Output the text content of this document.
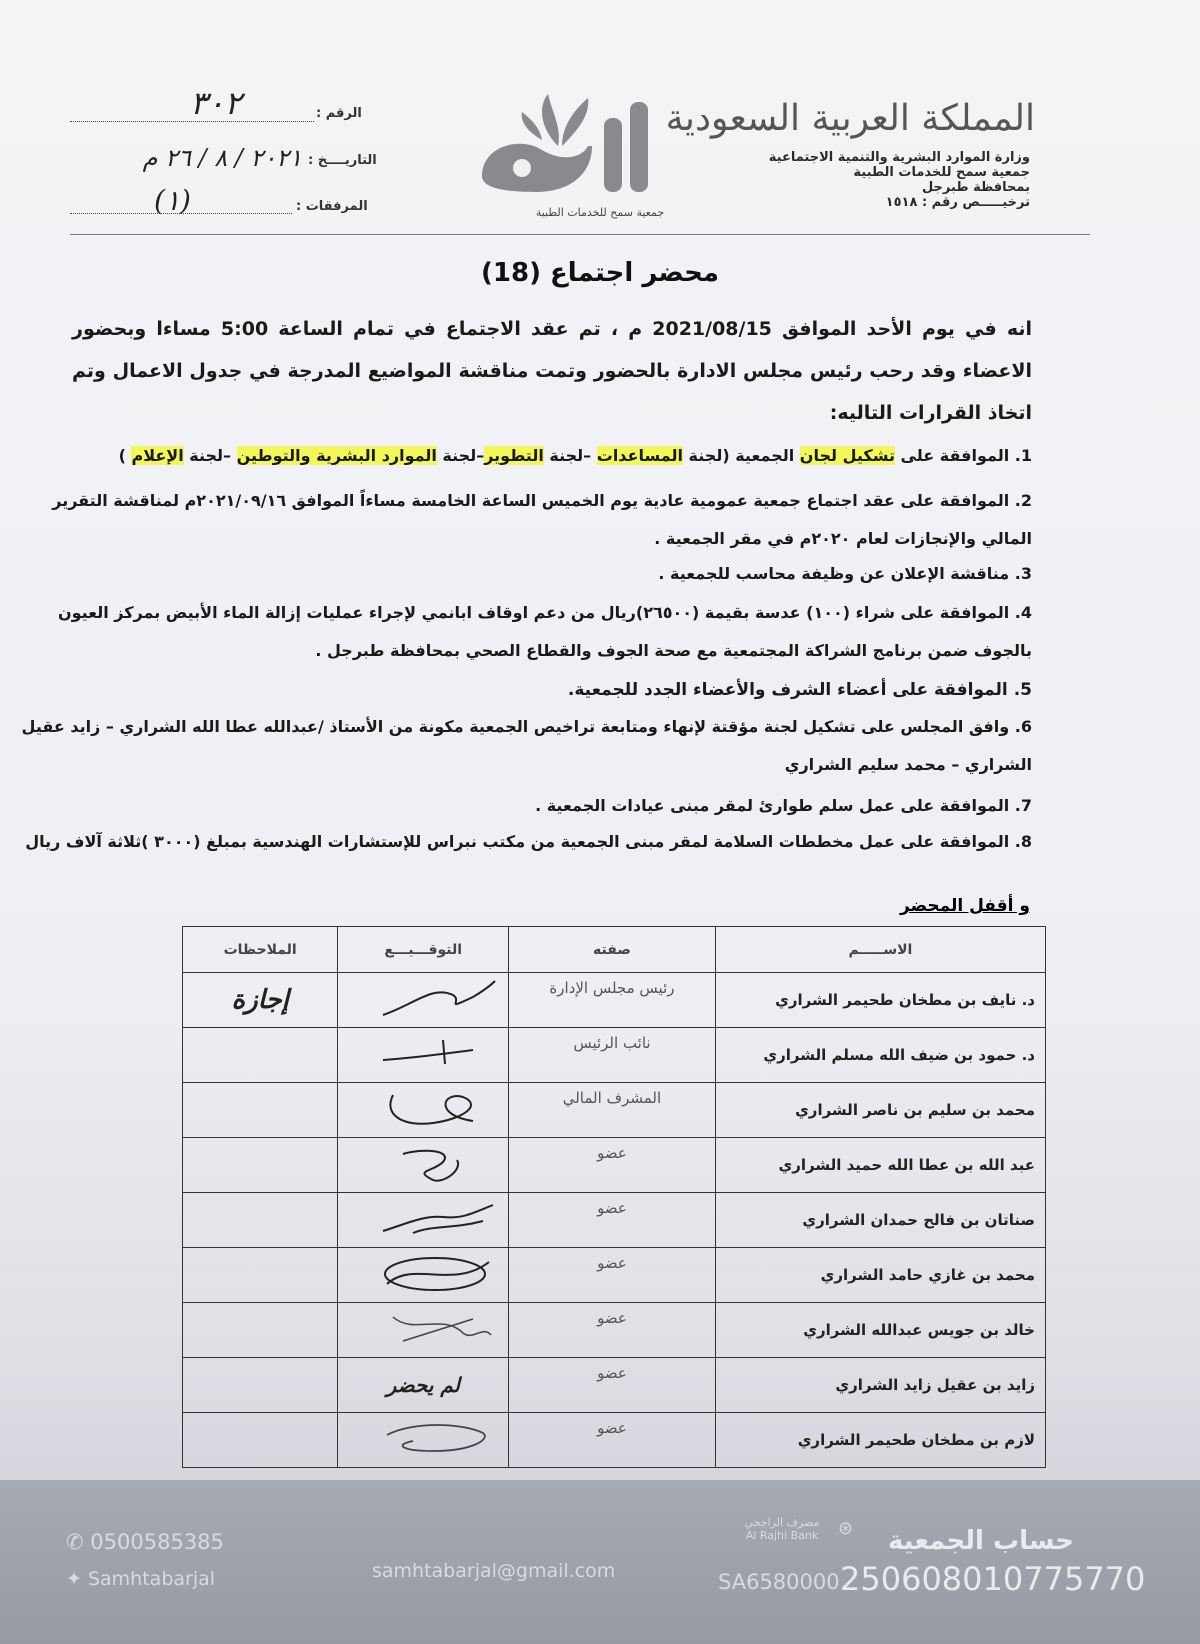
المملكة العربية السعودية
وزارة الموارد البشرية والتنمية الاجتماعية
جمعية سمح للخدمات الطبية
بمحافظة طبرجل
ترخيـــــص رقم : ١٥١٨
جمعية سمح للخدمات الطبية
الرقم :
٣٠٢
التاريــــخ :
٢٠٢١ / ٨ / ٢٦ م
المرفقات :
(١)
محضر اجتماع (18)
انه في يوم الأحد الموافق 2021/08/15 م ، تم عقد الاجتماع في تمام الساعة 5:00 مساءا وبحضور الاعضاء وقد رحب رئيس مجلس الادارة بالحضور وتمت مناقشة المواضيع المدرجة في جدول الاعمال وتم اتخاذ القرارات التاليه:
1. الموافقة على تشكيل لجان الجمعية (لجنة المساعدات –لجنة التطوير–لجنة الموارد البشرية والتوطين –لجنة الإعلام )
2. الموافقة على عقد اجتماع جمعية عمومية عادية يوم الخميس الساعة الخامسة مساءاً الموافق ٢٠٢١/٠٩/١٦م لمناقشة التقرير المالي والإنجازات لعام ٢٠٢٠م في مقر الجمعية .
3. مناقشة الإعلان عن وظيفة محاسب للجمعية .
4. الموافقة على شراء (١٠٠) عدسة بقيمة (٢٦٥٠٠)ريال من دعم اوقاف ابانمي لإجراء عمليات إزالة الماء الأبيض بمركز العيون بالجوف ضمن برنامج الشراكة المجتمعية مع صحة الجوف والقطاع الصحي بمحافظة طبرجل .
5. الموافقة على أعضاء الشرف والأعضاء الجدد للجمعية.
6. وافق المجلس على تشكيل لجنة مؤقتة لإنهاء ومتابعة تراخيص الجمعية مكونة من الأستاذ /عبدالله عطا الله الشراري – زايد عقيل الشراري – محمد سليم الشراري
7. الموافقة على عمل سلم طوارئ لمقر مبنى عيادات الجمعية .
8. الموافقة على عمل مخططات السلامة لمقر مبنى الجمعية من مكتب نبراس للإستشارات الهندسية بمبلغ (٣٠٠٠ )ثلاثة آلاف ريال
و أقفل المحضر
الاســـــم	صفته	التوقـــيـــع	الملاحظات
د. نايف بن مطخان طحيمر الشراري	رئيس مجلس الإدارة		إجازة
د. حمود بن ضيف الله مسلم الشراري	نائب الرئيس		
محمد بن سليم بن ناصر الشراري	المشرف المالي		
عبد الله بن عطا الله حميد الشراري	عضو		
صناتان بن فالح حمدان الشراري	عضو		
محمد بن غازي حامد الشراري	عضو		
خالد بن جويس عبدالله الشراري	عضو		
زايد بن عقيل زايد الشراري	عضو	لم يحضر	
لازم بن مطخان طحيمر الشراري	عضو		
✆ 0500585385
✦ Samhtabarjal	samhtabarjal@gmail.com
مصرف الراجحي
Al Rajhi Bank ⊛ حساب الجمعية
SA6580000 250608010775770
